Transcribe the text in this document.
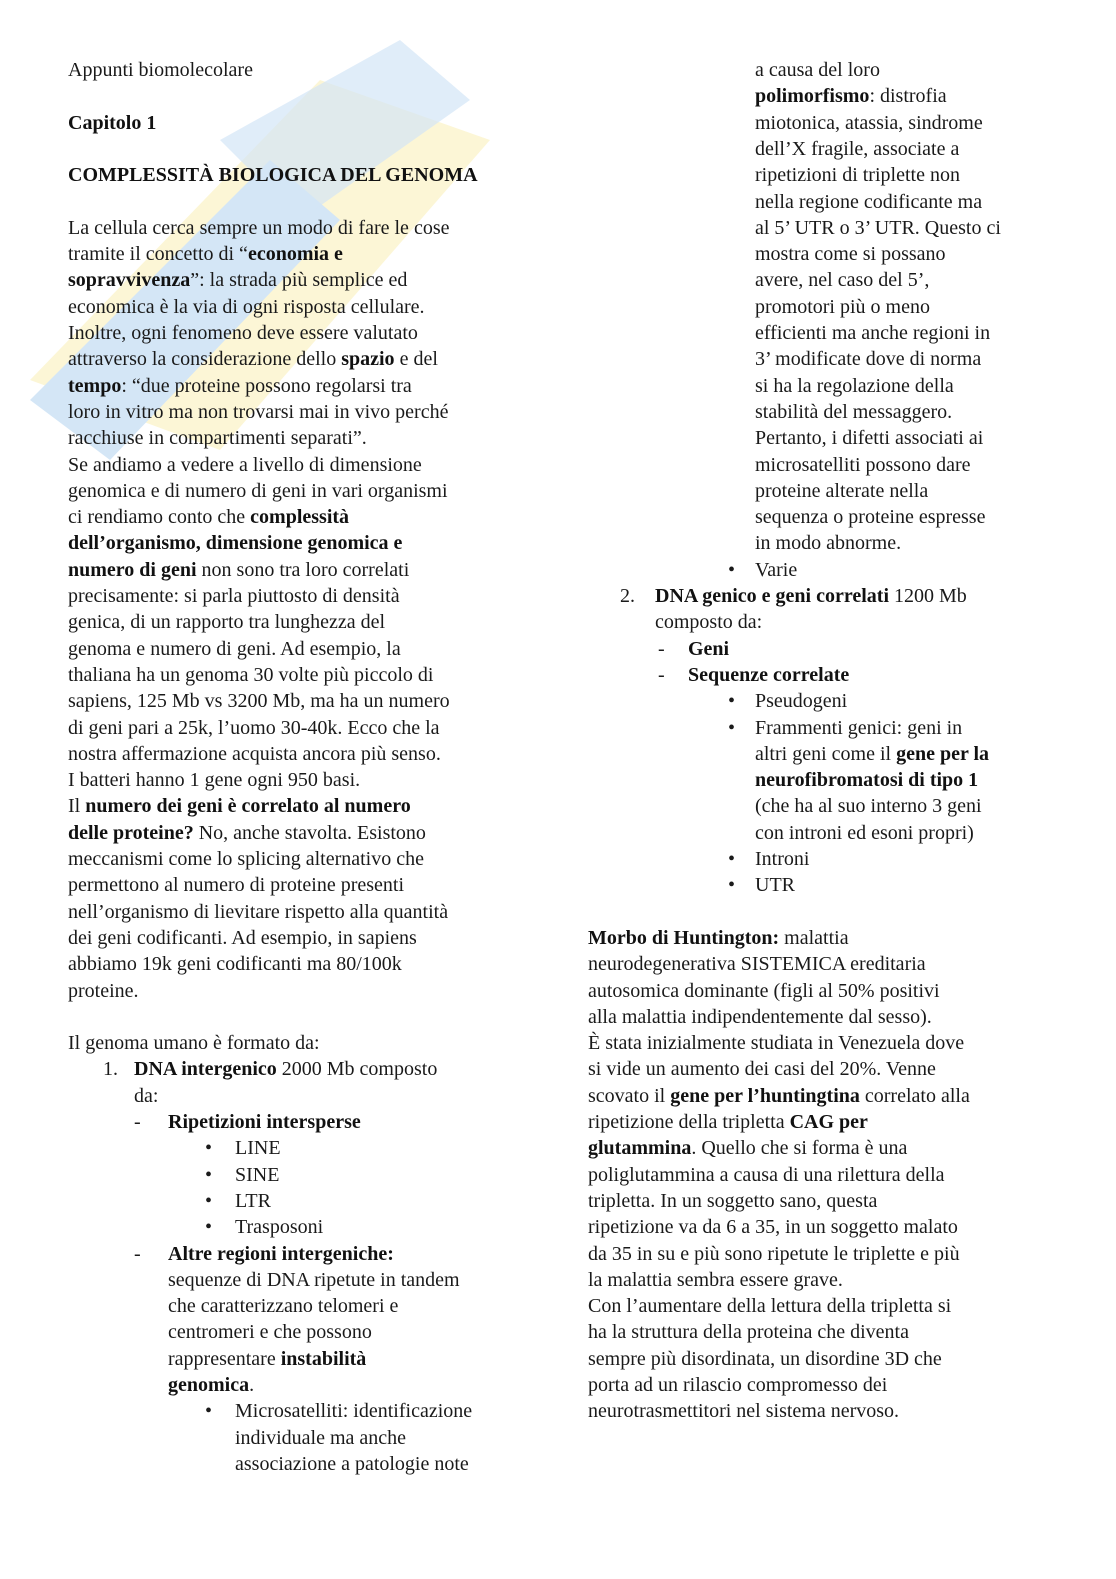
Appunti biomolecolare
Capitolo 1
COMPLESSITÀ BIOLOGICA DEL GENOMA
La cellula cerca sempre un modo di fare le cose
tramite il concetto di “economia e
sopravvivenza”: la strada più semplice ed
economica è la via di ogni risposta cellulare.
Inoltre, ogni fenomeno deve essere valutato
attraverso la considerazione dello spazio e del
tempo: “due proteine possono regolarsi tra
loro in vitro ma non trovarsi mai in vivo perché
racchiuse in compartimenti separati”.
Se andiamo a vedere a livello di dimensione
genomica e di numero di geni in vari organismi
ci rendiamo conto che complessità
dell’organismo, dimensione genomica e
numero di geni non sono tra loro correlati
precisamente: si parla piuttosto di densità
genica, di un rapporto tra lunghezza del
genoma e numero di geni. Ad esempio, la
thaliana ha un genoma 30 volte più piccolo di
sapiens, 125 Mb vs 3200 Mb, ma ha un numero
di geni pari a 25k, l’uomo 30-40k. Ecco che la
nostra affermazione acquista ancora più senso.
I batteri hanno 1 gene ogni 950 basi.
Il numero dei geni è correlato al numero
delle proteine? No, anche stavolta. Esistono
meccanismi come lo splicing alternativo che
permettono al numero di proteine presenti
nell’organismo di lievitare rispetto alla quantità
dei geni codificanti. Ad esempio, in sapiens
abbiamo 19k geni codificanti ma 80/100k
proteine.
Il genoma umano è formato da:
1. DNA intergenico 2000 Mb composto
da:
- Ripetizioni intersperse
• LINE
• SINE
• LTR
• Trasposoni
- Altre regioni intergeniche:
sequenze di DNA ripetute in tandem
che caratterizzano telomeri e
centromeri e che possono
rappresentare instabilità
genomica.
• Microsatelliti: identificazione
individuale ma anche
associazione a patologie note
a causa del loro
polimorfismo: distrofia
miotonica, atassia, sindrome
dell’X fragile, associate a
ripetizioni di triplette non
nella regione codificante ma
al 5’ UTR o 3’ UTR. Questo ci
mostra come si possano
avere, nel caso del 5’,
promotori più o meno
efficienti ma anche regioni in
3’ modificate dove di norma
si ha la regolazione della
stabilità del messaggero.
Pertanto, i difetti associati ai
microsatelliti possono dare
proteine alterate nella
sequenza o proteine espresse
in modo abnorme.
• Varie
2. DNA genico e geni correlati 1200 Mb
composto da:
- Geni
- Sequenze correlate
• Pseudogeni
• Frammenti genici: geni in
altri geni come il gene per la
neurofibromatosi di tipo 1
(che ha al suo interno 3 geni
con introni ed esoni propri)
• Introni
• UTR
Morbo di Huntington: malattia
neurodegenerativa SISTEMICA ereditaria
autosomica dominante (figli al 50% positivi
alla malattia indipendentemente dal sesso).
È stata inizialmente studiata in Venezuela dove
si vide un aumento dei casi del 20%. Venne
scovato il gene per l’huntingtina correlato alla
ripetizione della tripletta CAG per
glutammina. Quello che si forma è una
poliglutammina a causa di una rilettura della
tripletta. In un soggetto sano, questa
ripetizione va da 6 a 35, in un soggetto malato
da 35 in su e più sono ripetute le triplette e più
la malattia sembra essere grave.
Con l’aumentare della lettura della tripletta si
ha la struttura della proteina che diventa
sempre più disordinata, un disordine 3D che
porta ad un rilascio compromesso dei
neurotrasmettitori nel sistema nervoso.
